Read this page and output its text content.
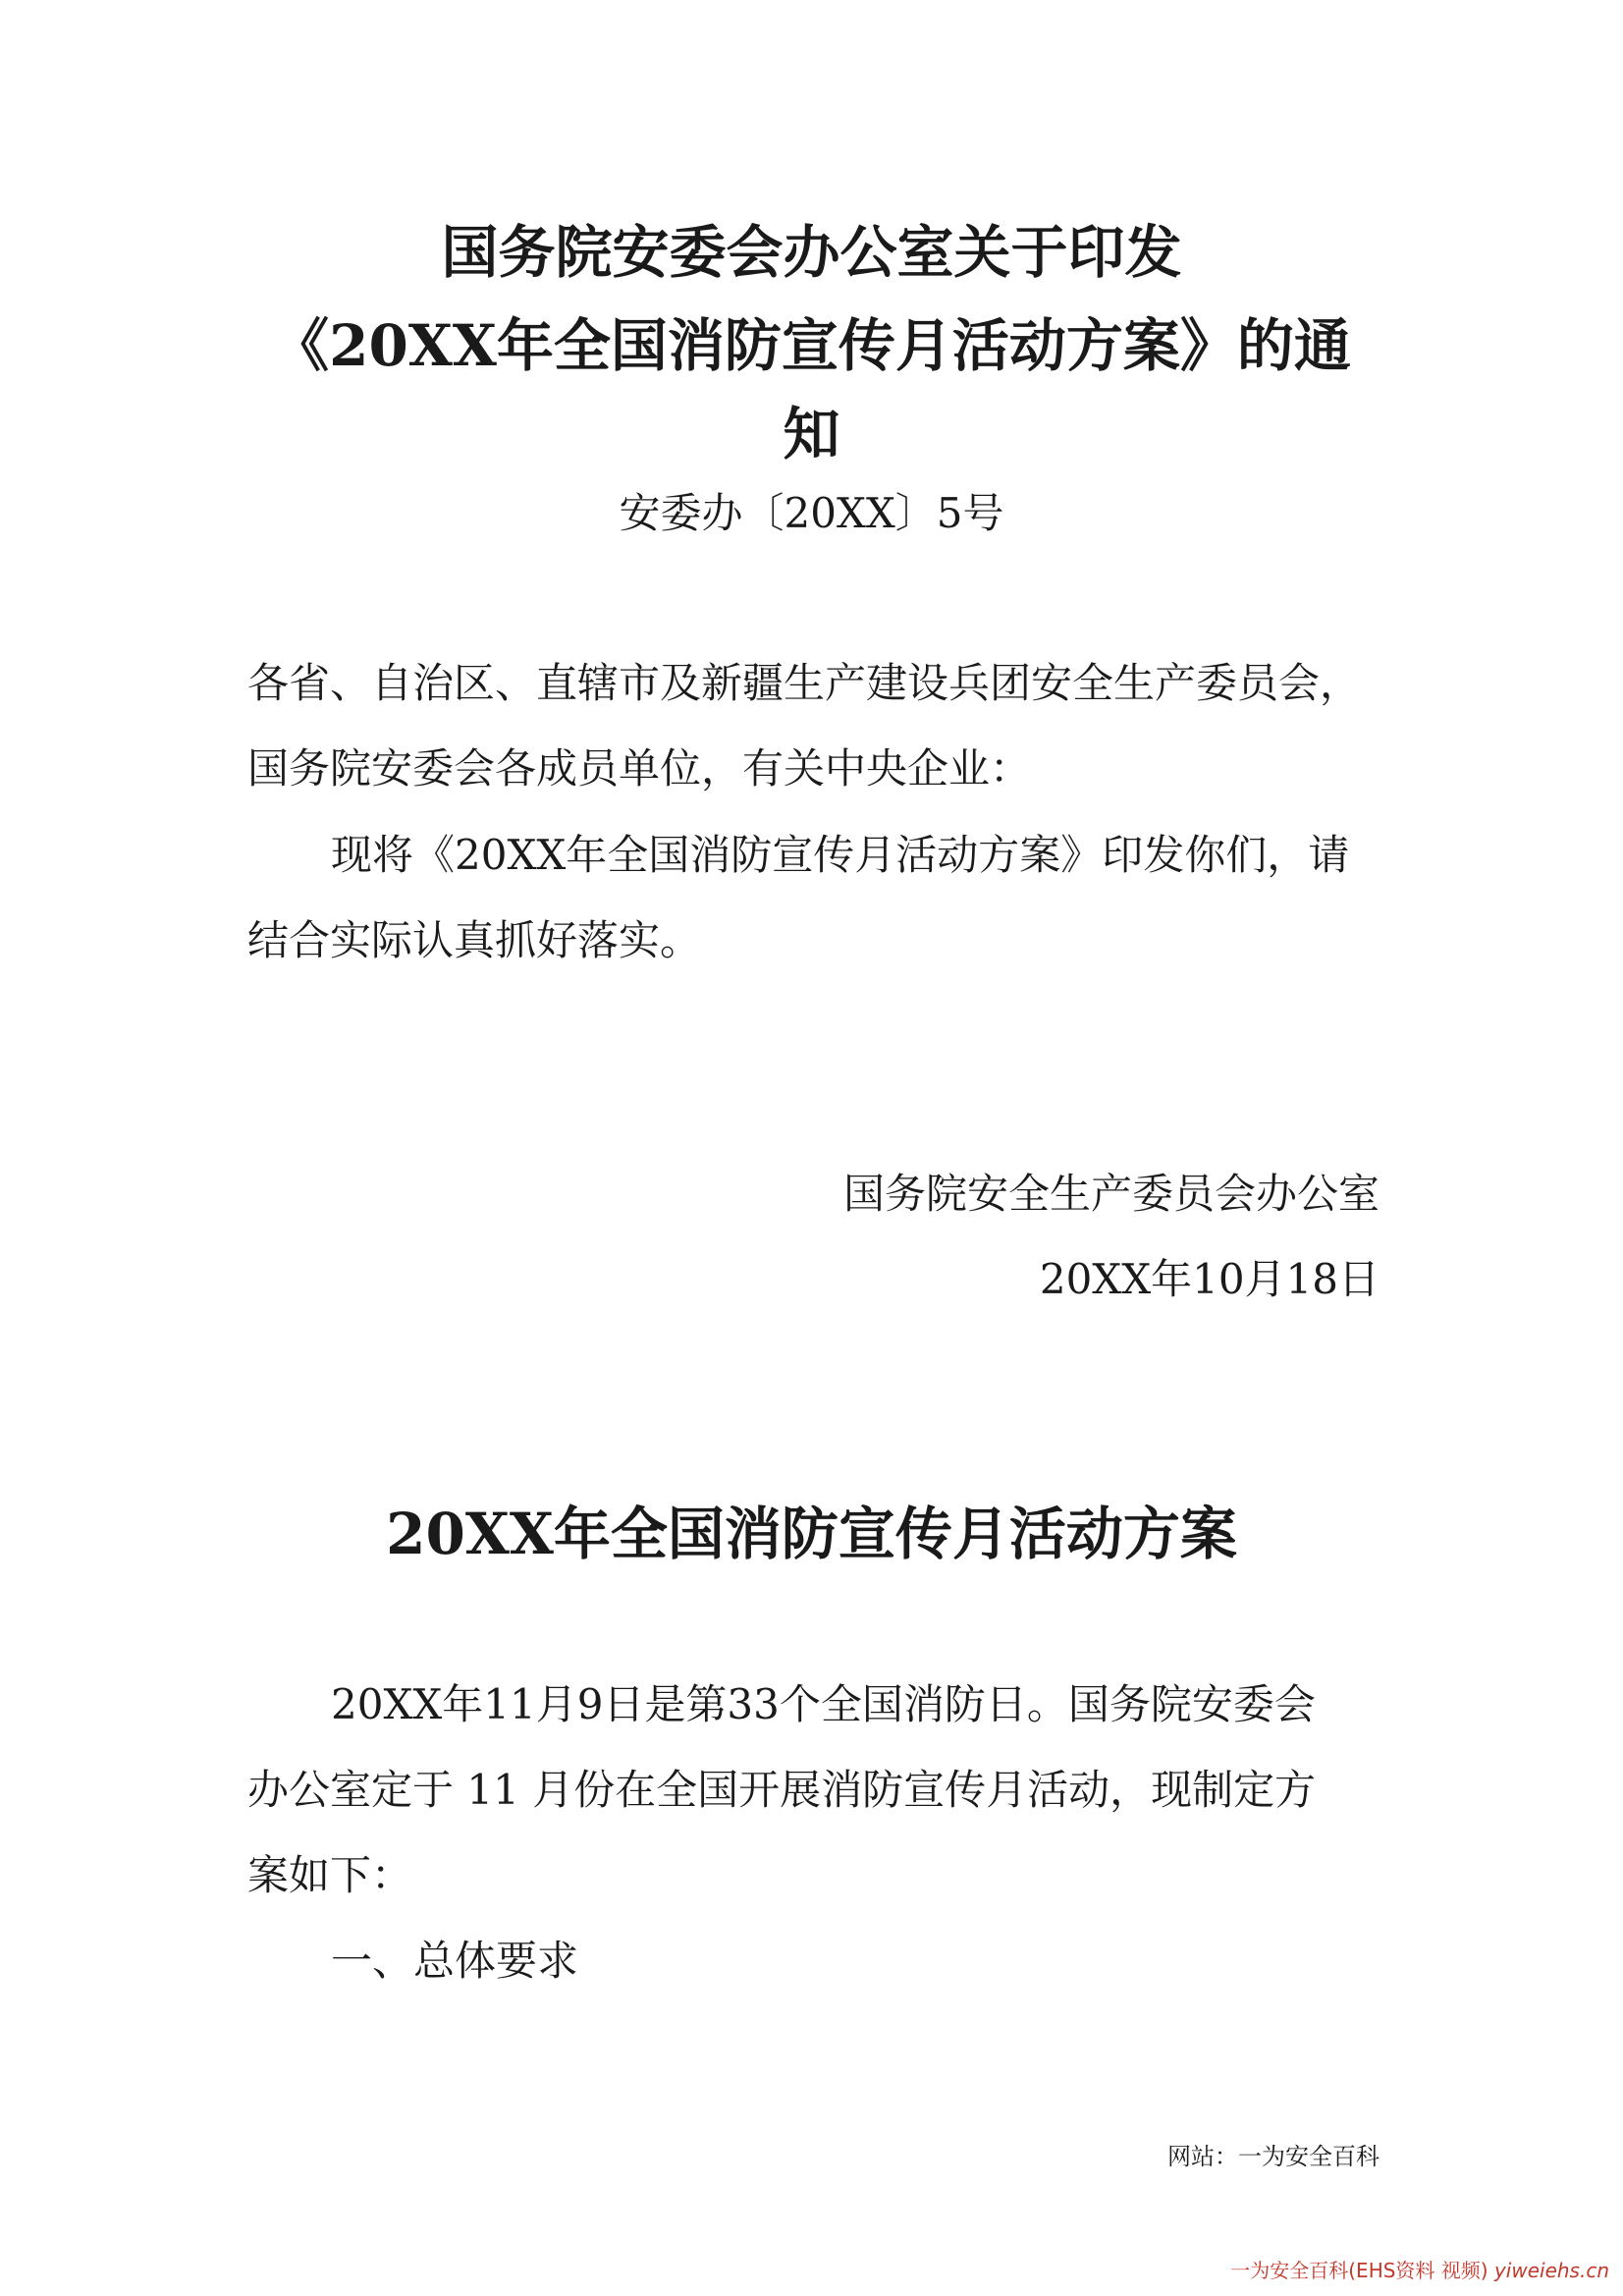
国务院安委会办公室关于印发
《20XX年全国消防宣传月活动方案》的通
知
安委办〔20XX〕5号
各省、自治区、直辖市及新疆生产建设兵团安全生产委员会，
国务院安委会各成员单位，有关中央企业：
现将《20XX年全国消防宣传月活动方案》印发你们，请
结合实际认真抓好落实。
国务院安全生产委员会办公室
20XX年10月18日
20XX年全国消防宣传月活动方案
20XX年11月9日是第33个全国消防日。国务院安委会
办公室定于 11 月份在全国开展消防宣传月活动，现制定方
案如下：
一、总体要求
网站：一为安全百科
一为安全百科(EHS资料 视频) yiweiehs.cn
